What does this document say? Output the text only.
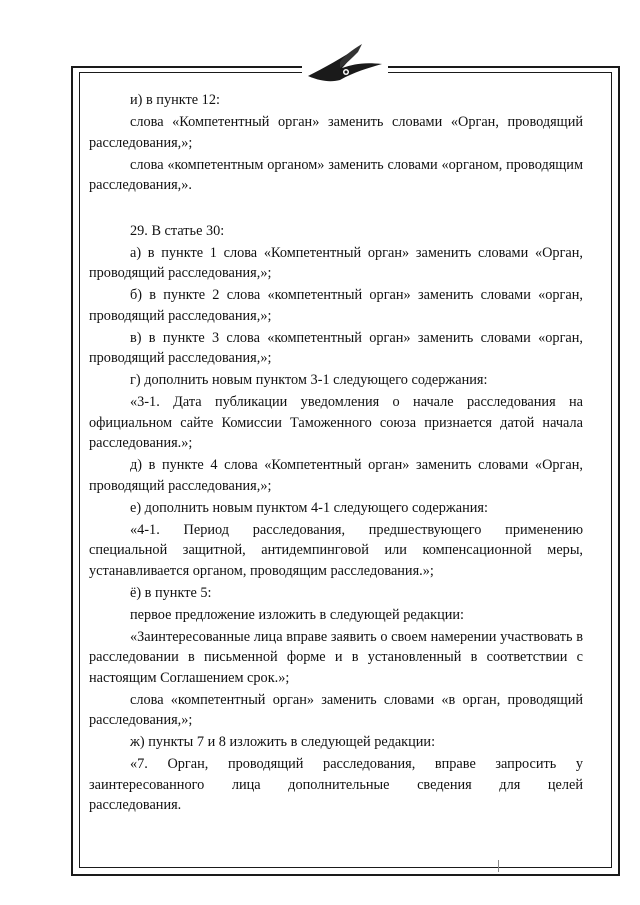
и) в пункте 12:

слова «Компетентный орган» заменить словами «Орган, проводящий расследования,»;

слова «компетентным органом» заменить словами «органом, проводящим расследования,».

29. В статье 30:

а) в пункте 1 слова «Компетентный орган» заменить словами «Орган, проводящий расследования,»;

б) в пункте 2 слова «компетентный орган» заменить словами «орган, проводящий расследования,»;

в) в пункте 3 слова «компетентный орган» заменить словами «орган, проводящий расследования,»;

г) дополнить новым пунктом 3-1 следующего содержания:

«3-1. Дата публикации уведомления о начале расследования на официальном сайте Комиссии Таможенного союза признается датой начала расследования.»;

д) в пункте 4 слова «Компетентный орган» заменить словами «Орган, проводящий расследования,»;

е) дополнить новым пунктом 4-1 следующего содержания:

«4-1. Период расследования, предшествующего применению специальной защитной, антидемпинговой или компенсационной меры, устанавливается органом, проводящим расследования.»;

ё) в пункте 5:

первое предложение изложить в следующей редакции:

«Заинтересованные лица вправе заявить о своем намерении участвовать в расследовании в письменной форме и в установленный в соответствии с настоящим Соглашением срок.»;

слова «компетентный орган» заменить словами «в орган, проводящий расследования,»;

ж) пункты 7 и 8 изложить в следующей редакции:

«7. Орган, проводящий расследования, вправе запросить у заинтересованного лица дополнительные сведения для целей расследования.
